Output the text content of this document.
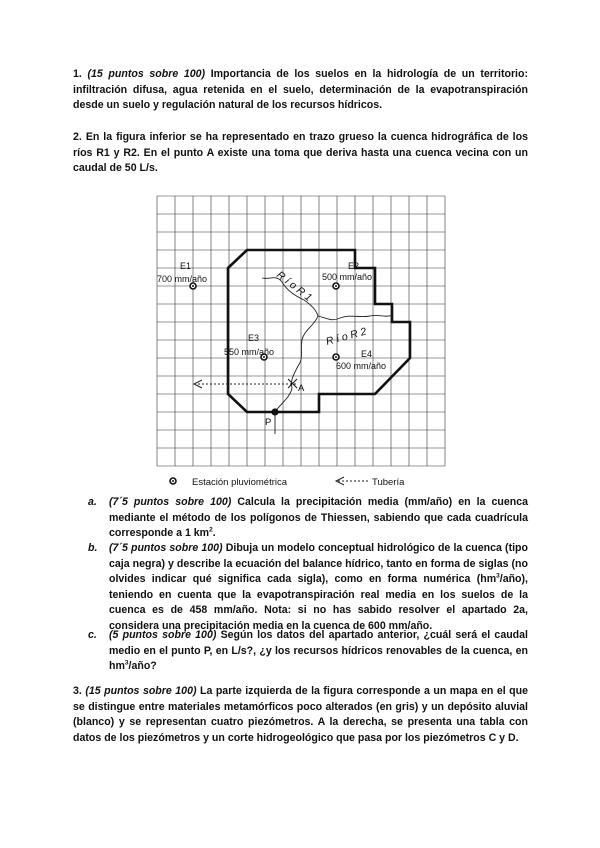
1. (15 puntos sobre 100) Importancia de los suelos en la hidrología de un territorio: infiltración difusa, agua retenida en el suelo, determinación de la evapotranspiración desde un suelo y regulación natural de los recursos hídricos.
2. En la figura inferior se ha representado en trazo grueso la cuenca hidrográfica de los ríos R1 y R2. En el punto A existe una toma que deriva hasta una cuenca vecina con un caudal de 50 L/s.
R í o R 1
R í o R 2
A
P
E1
700 mm/año
E2
500 mm/año
E3
550 mm/año	E4
600 mm/año
Estación pluviométrica	Tubería
a.	(7´5 puntos sobre 100) Calcula la precipitación media (mm/año) en la cuenca mediante el método de los polígonos de Thiessen, sabiendo que cada cuadrícula corresponde a 1 $km^2$.
b.	(7´5 puntos sobre 100) Dibuja un modelo conceptual hidrológico de la cuenca (tipo caja negra) y describe la ecuación del balance hídrico, tanto en forma de siglas (no olvides indicar qué significa cada sigla), como en forma numérica $(hm^3/año)$, teniendo en cuenta que la evapotranspiración real media en los suelos de la cuenca es de 458 mm/año. Nota: si no has sabido resolver el apartado 2a, considera una precipitación media en la cuenca de 600 mm/año.
c.	(5 puntos sobre 100) Según los datos del apartado anterior, ¿cuál será el caudal medio en el punto P, en L/s?, ¿y los recursos hídricos renovables de la cuenca, en $hm^3$/año?
3. (15 puntos sobre 100) La parte izquierda de la figura corresponde a un mapa en el que se distingue entre materiales metamórficos poco alterados (en gris) y un depósito aluvial (blanco) y se representan cuatro piezómetros. A la derecha, se presenta una tabla con datos de los piezómetros y un corte hidrogeológico que pasa por los piezómetros C y D.
